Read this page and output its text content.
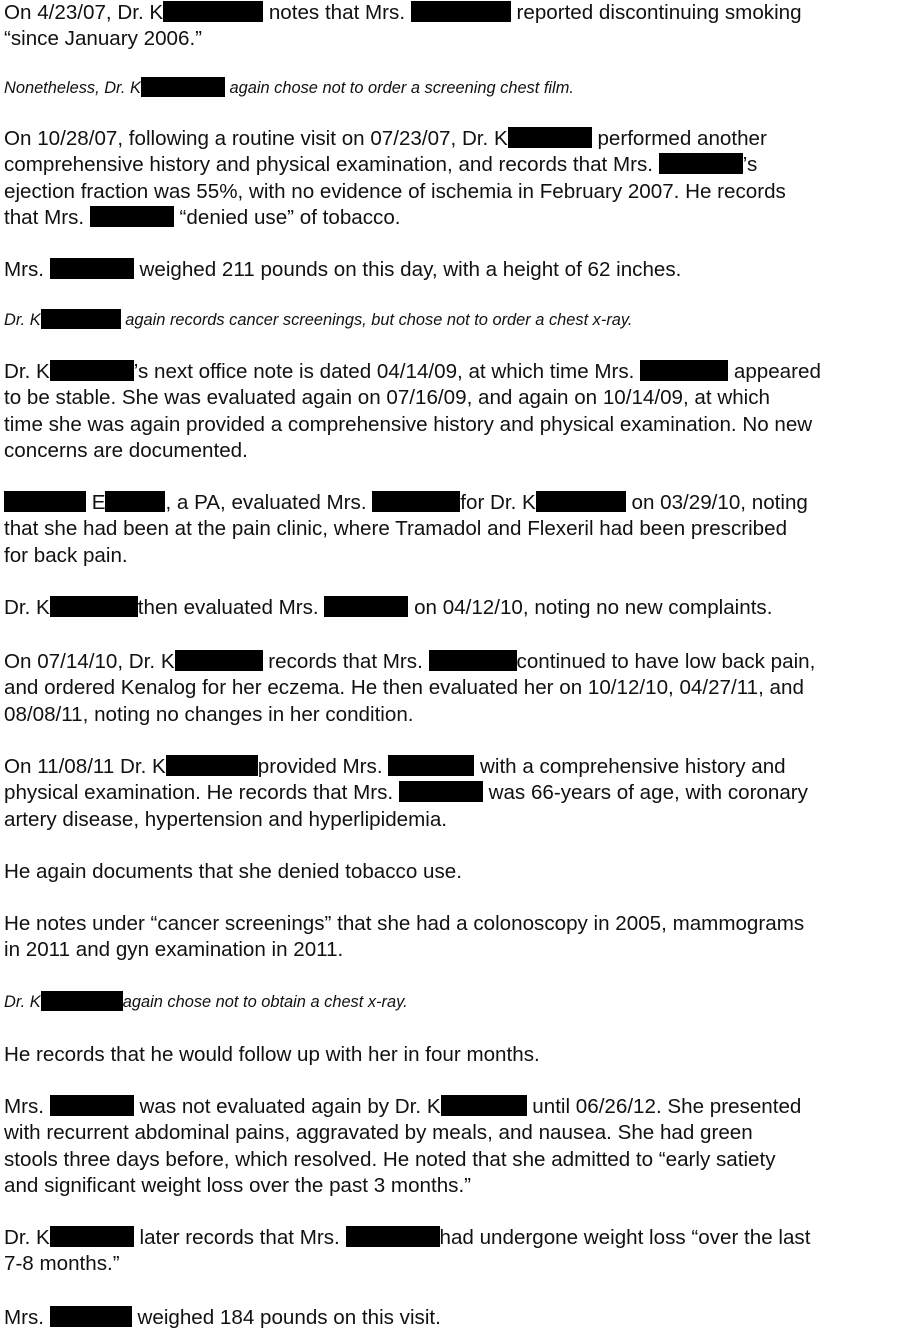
On 4/23/07, Dr. K	notes that Mrs.	reported discontinuing smoking
“since January 2006.”

Nonetheless, Dr. K	again chose not to order a screening chest film.

On 10/28/07, following a routine visit on 07/23/07, Dr. K	performed another
comprehensive history and physical examination, and records that Mrs.	’s
ejection fraction was 55%, with no evidence of ischemia in February 2007. He records
that Mrs.	“denied use” of tobacco.

Mrs.	weighed 211 pounds on this day, with a height of 62 inches.

Dr. K	again records cancer screenings, but chose not to order a chest x-ray.

Dr. K	’s next office note is dated 04/14/09, at which time Mrs.	appeared
to be stable. She was evaluated again on 07/16/09, and again on 10/14/09, at which
time she was again provided a comprehensive history and physical examination. No new
concerns are documented.

E	, a PA, evaluated Mrs.	for Dr. K	on 03/29/10, noting
that she had been at the pain clinic, where Tramadol and Flexeril had been prescribed
for back pain.

Dr. K	then evaluated Mrs.	on 04/12/10, noting no new complaints.

On 07/14/10, Dr. K	records that Mrs.	continued to have low back pain,
and ordered Kenalog for her eczema. He then evaluated her on 10/12/10, 04/27/11, and
08/08/11, noting no changes in her condition.

On 11/08/11 Dr. K	provided Mrs.	with a comprehensive history and
physical examination. He records that Mrs.	was 66-years of age, with coronary
artery disease, hypertension and hyperlipidemia.

He again documents that she denied tobacco use.

He notes under “cancer screenings” that she had a colonoscopy in 2005, mammograms
in 2011 and gyn examination in 2011.

Dr. K	again chose not to obtain a chest x-ray.

He records that he would follow up with her in four months.

Mrs.	was not evaluated again by Dr. K	until 06/26/12. She presented
with recurrent abdominal pains, aggravated by meals, and nausea. She had green
stools three days before, which resolved. He noted that she admitted to “early satiety
and significant weight loss over the past 3 months.”

Dr. K	later records that Mrs.	had undergone weight loss “over the last
7-8 months.”

Mrs.	weighed 184 pounds on this visit.
